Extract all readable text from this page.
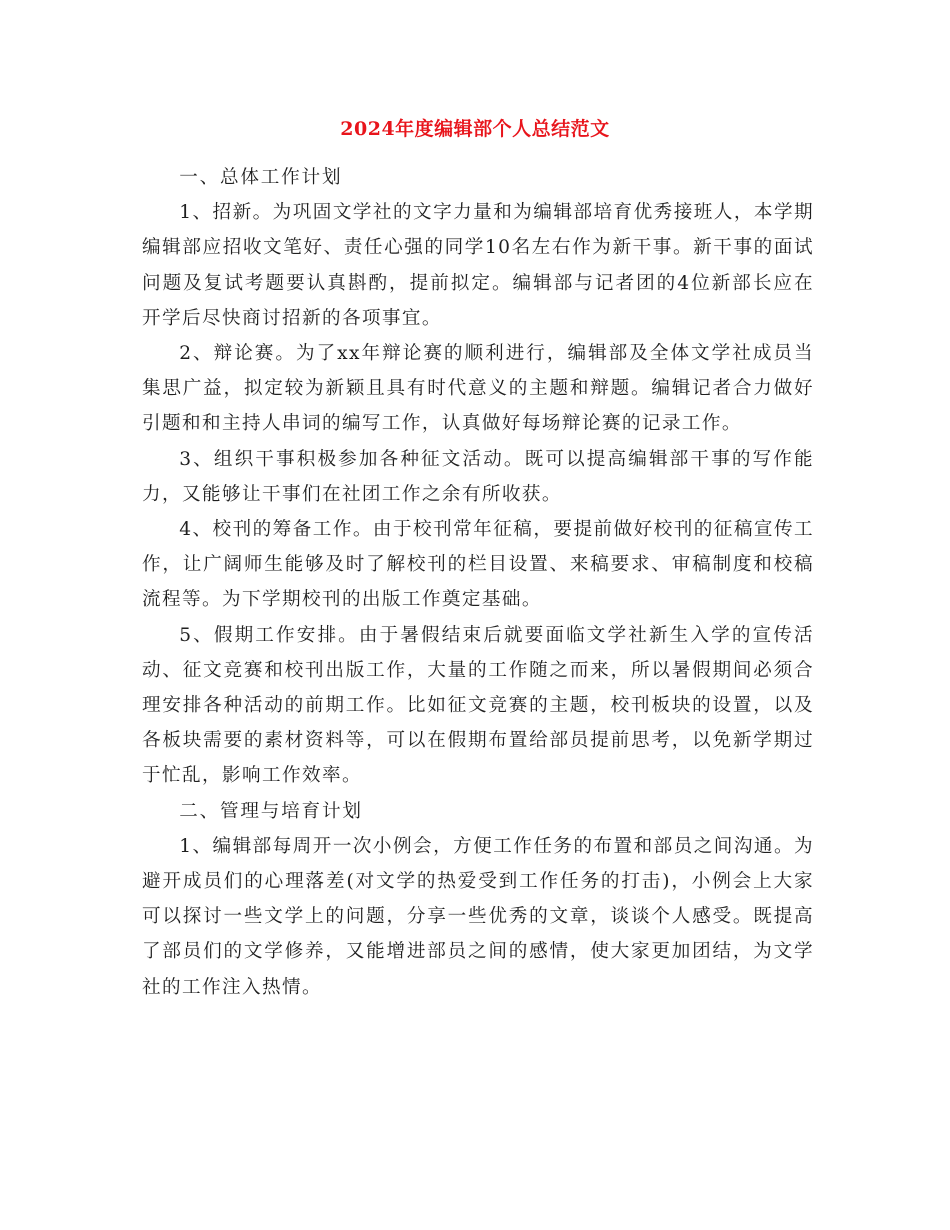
2024年度编辑部个人总结范文

一、总体工作计划

1、招新。为巩固文学社的文字力量和为编辑部培育优秀接班人，本学期编辑部应招收文笔好、责任心强的同学10名左右作为新干事。新干事的面试问题及复试考题要认真斟酌，提前拟定。编辑部与记者团的4位新部长应在开学后尽快商讨招新的各项事宜。

2、辩论赛。为了xx年辩论赛的顺利进行，编辑部及全体文学社成员当集思广益，拟定较为新颖且具有时代意义的主题和辩题。编辑记者合力做好引题和和主持人串词的编写工作，认真做好每场辩论赛的记录工作。

3、组织干事积极参加各种征文活动。既可以提高编辑部干事的写作能力，又能够让干事们在社团工作之余有所收获。

4、校刊的筹备工作。由于校刊常年征稿，要提前做好校刊的征稿宣传工作，让广阔师生能够及时了解校刊的栏目设置、来稿要求、审稿制度和校稿流程等。为下学期校刊的出版工作奠定基础。

5、假期工作安排。由于暑假结束后就要面临文学社新生入学的宣传活动、征文竞赛和校刊出版工作，大量的工作随之而来，所以暑假期间必须合理安排各种活动的前期工作。比如征文竞赛的主题，校刊板块的设置，以及各板块需要的素材资料等，可以在假期布置给部员提前思考，以免新学期过于忙乱，影响工作效率。

二、管理与培育计划

1、编辑部每周开一次小例会，方便工作任务的布置和部员之间沟通。为避开成员们的心理落差(对文学的热爱受到工作任务的打击)，小例会上大家可以探讨一些文学上的问题，分享一些优秀的文章，谈谈个人感受。既提高了部员们的文学修养，又能增进部员之间的感情，使大家更加团结，为文学社的工作注入热情。
